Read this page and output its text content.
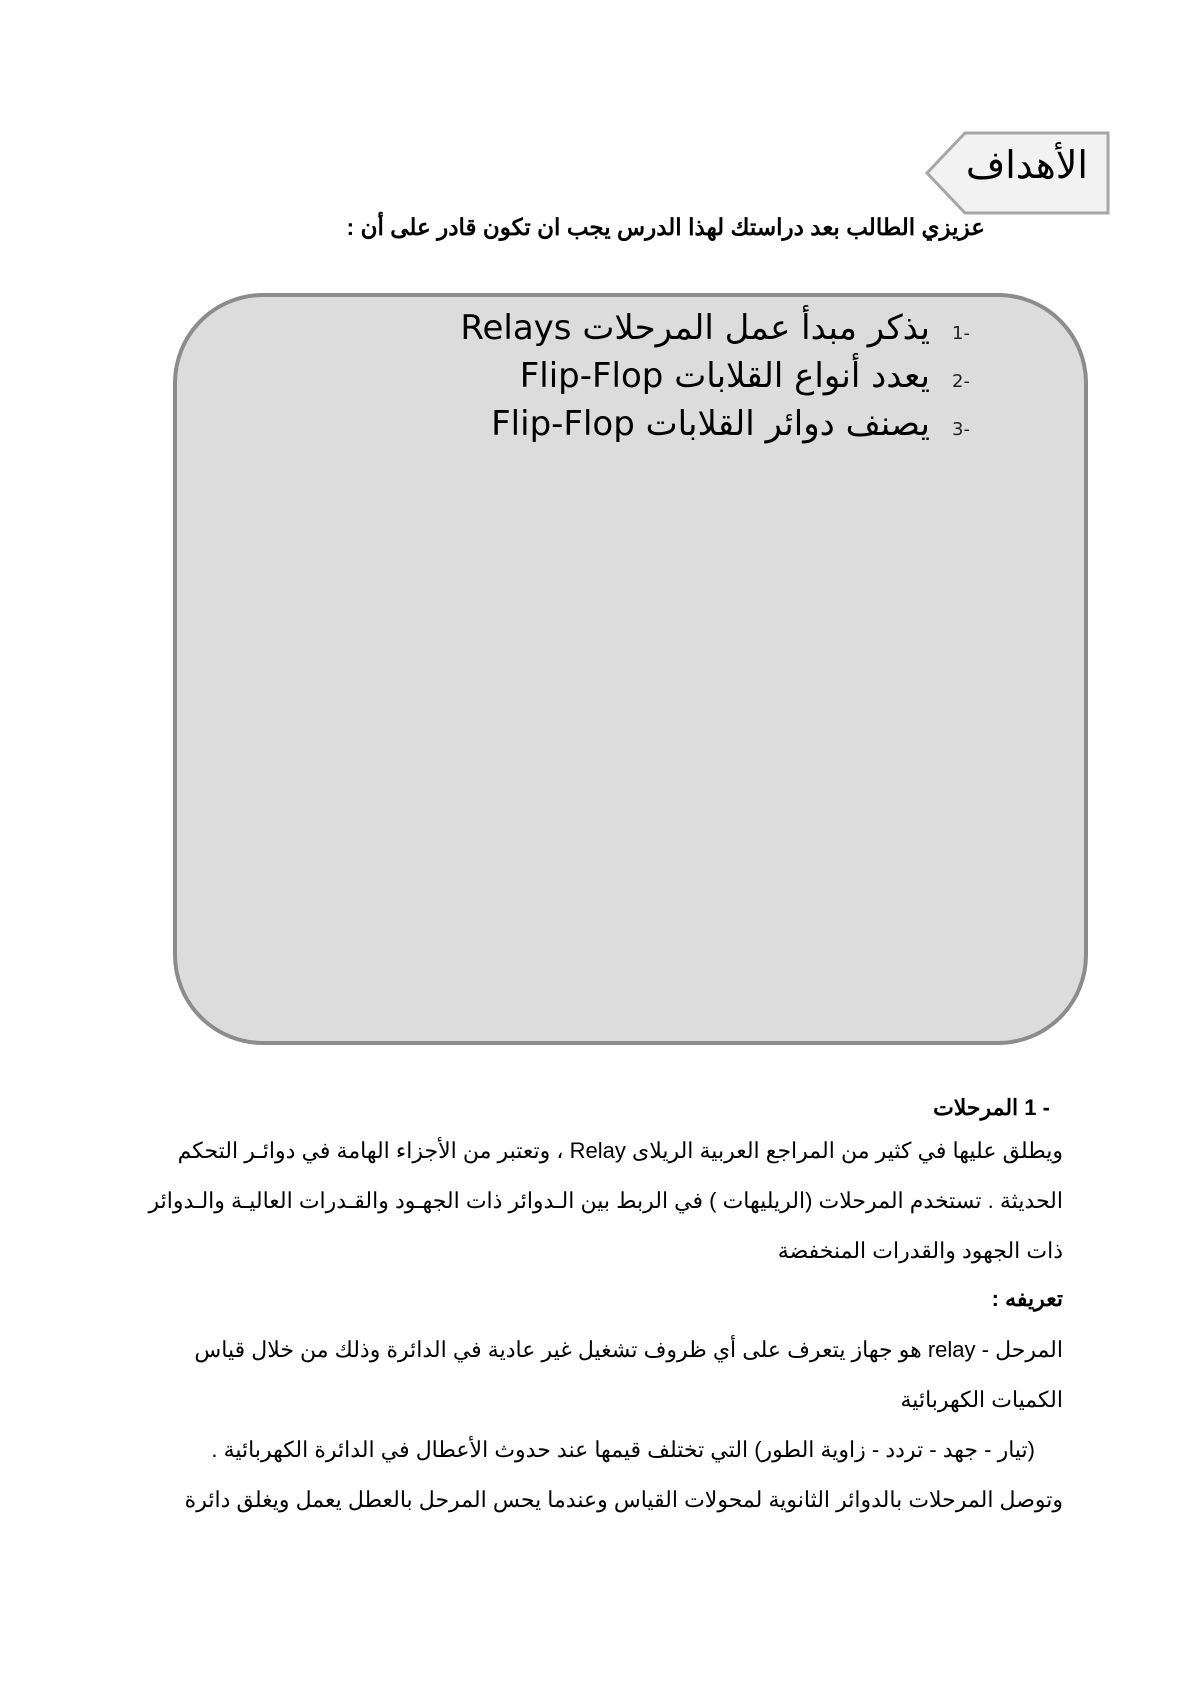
الأهداف
عزيزي الطالب بعد دراستك لهذا الدرس يجب ان تكون قادر على أن :
-1
يذكر مبدأ عمل المرحلات Relays
-2
يعدد أنواع القلابات Flip-Flop
-3
يصنف دوائر القلابات Flip-Flop
- 1 المرحلات
ويطلق عليها في كثير من المراجع العربية الريلاى Relay ، وتعتبر من الأجزاء الهامة في دوائـر التحكم
الحديثة . تستخدم المرحلات (الريليهات ) في الربط بين الـدوائر ذات الجهـود والقـدرات العاليـة والـدوائر
ذات الجهود والقدرات المنخفضة
تعريفه :
المرحل - relay هو جهاز يتعرف على أي ظروف تشغيل غير عادية في الدائرة وذلك من خلال قياس
الكميات الكهربائية
(تيار - جهد - تردد - زاوية الطور) التي تختلف قيمها عند حدوث الأعطال في الدائرة الكهربائية .
وتوصل المرحلات بالدوائر الثانوية لمحولات القياس وعندما يحس المرحل بالعطل يعمل ويغلق دائرة
